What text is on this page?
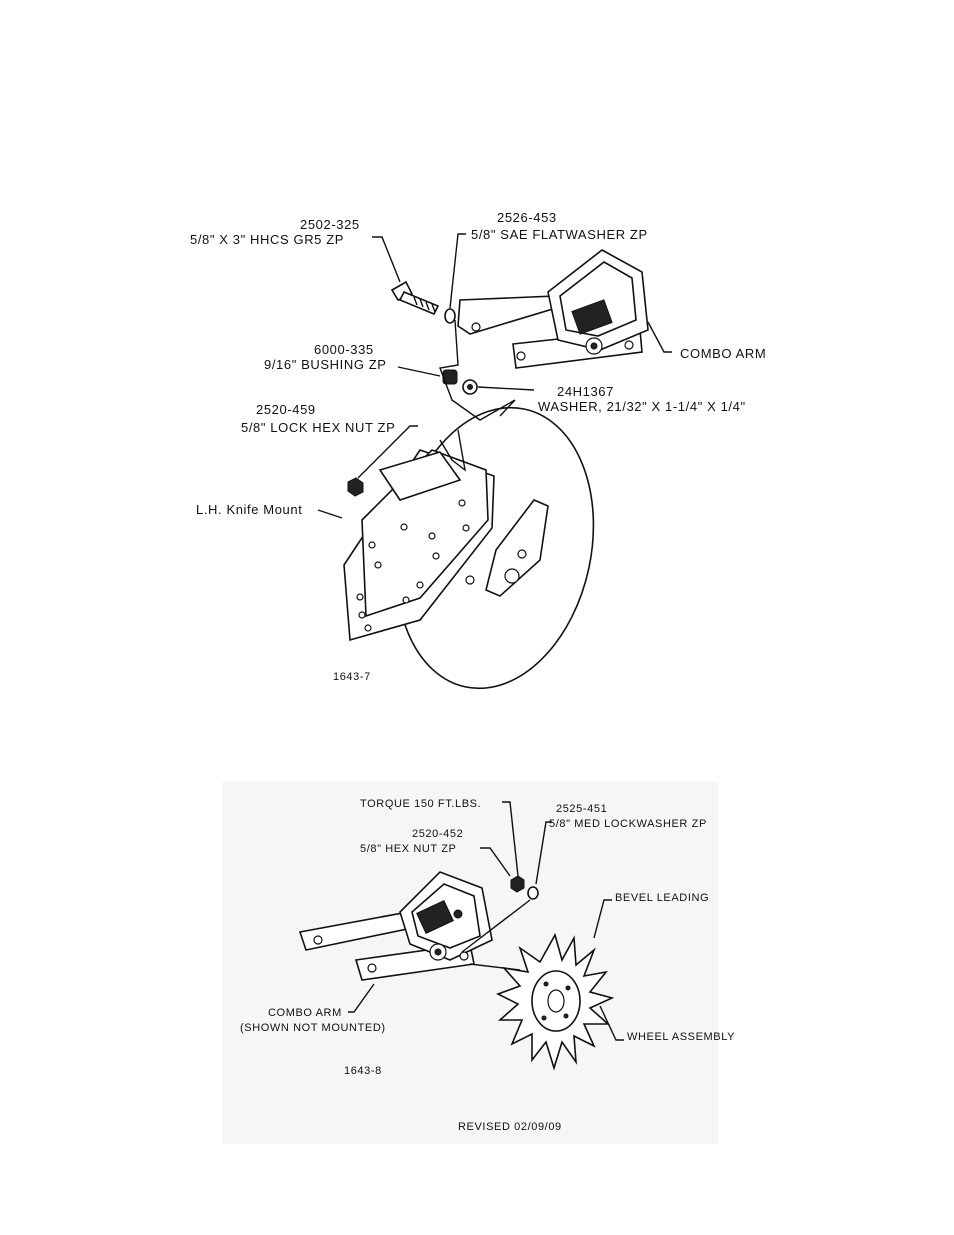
2502-325
5/8" X 3" HHCS GR5 ZP
2526-453
5/8" SAE FLATWASHER ZP
COMBO ARM
6000-335
9/16" BUSHING ZP
24H1367
WASHER, 21/32" X 1-1/4" X 1/4"
2520-459
5/8" LOCK HEX NUT ZP
L.H. Knife Mount
1643-7
TORQUE 150 FT.LBS.	2525-451
5/8" MED LOCKWASHER ZP
2520-452
5/8" HEX NUT ZP
BEVEL LEADING
COMBO ARM
(SHOWN NOT MOUNTED)
WHEEL ASSEMBLY
1643-8
REVISED 02/09/09
